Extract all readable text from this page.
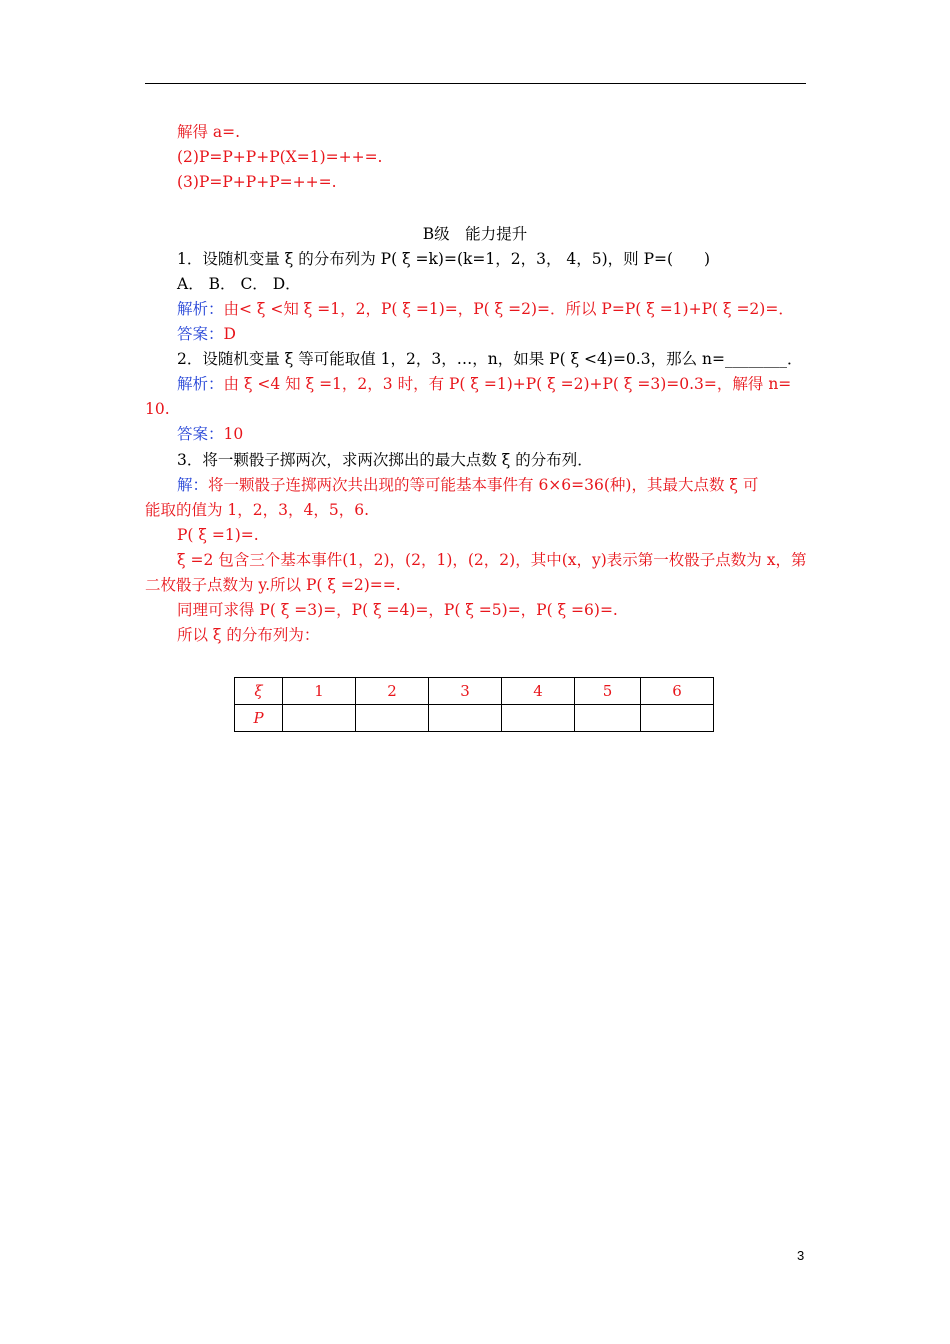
解得 a=.
(2)P=P+P+P(X=1)=++=.
(3)P=P+P+P=++=.
B级　能力提升
1．设随机变量 ξ 的分布列为 P( ξ =k)=(k=1，2，3， 4，5)，则 P=(　　)
A． B． C． D．
解析：由< ξ <知 ξ =1，2，P( ξ =1)=，P( ξ =2)=．所以 P=P( ξ =1)+P( ξ =2)=．
答案：D
2．设随机变量 ξ 等可能取值 1，2，3，…，n，如果 P( ξ <4)=0.3，那么 n=________．
解析：由 ξ <4 知 ξ =1，2，3 时，有 P( ξ =1)+P( ξ =2)+P( ξ =3)=0.3=，解得 n=
10.
答案：10
3．将一颗骰子掷两次，求两次掷出的最大点数 ξ 的分布列．
解：将一颗骰子连掷两次共出现的等可能基本事件有 6×6=36(种)，其最大点数 ξ 可
能取的值为 1，2，3，4，5，6.
P( ξ =1)=.
ξ =2 包含三个基本事件(1，2)，(2，1)，(2，2)，其中(x，y)表示第一枚骰子点数为 x，第
二枚骰子点数为 y.所以 P( ξ =2)==.
同理可求得 P( ξ =3)=，P( ξ =4)=，P( ξ =5)=，P( ξ =6)=.
所以 ξ 的分布列为：
ξ	1	2	3	4	5	6
P						
3
